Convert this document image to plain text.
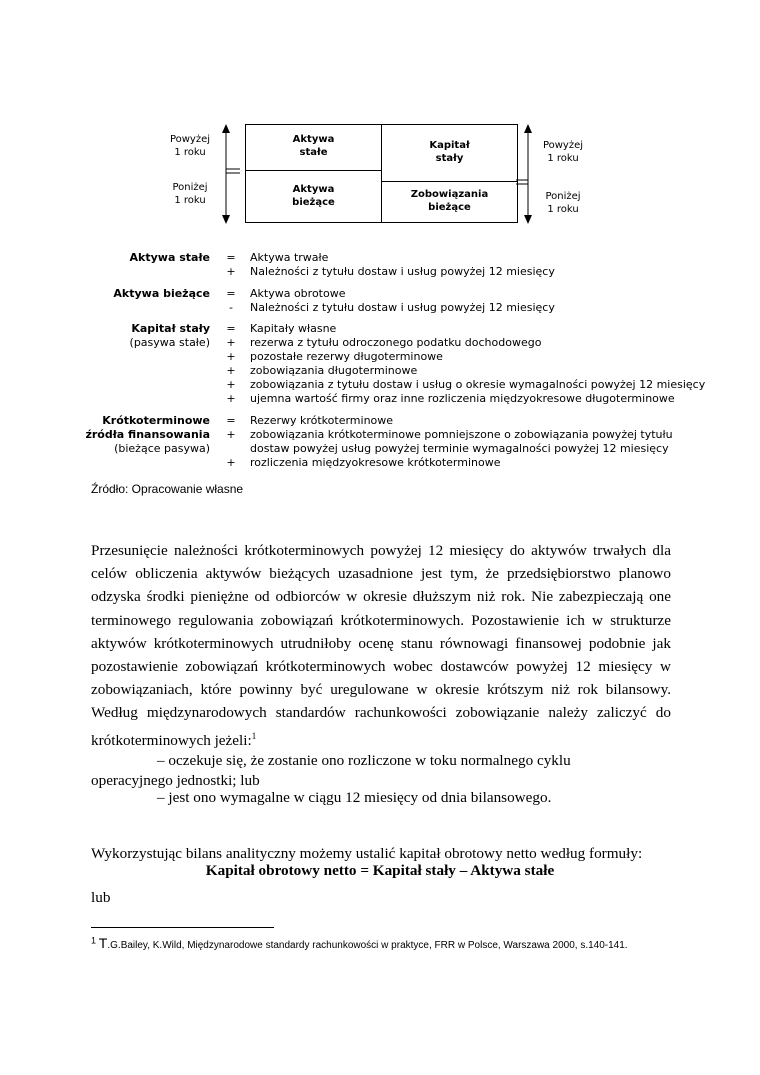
Powyżej
1 roku
Poniżej
1 roku
Powyżej
1 roku
Poniżej
1 roku
Aktywa
stałe
Aktywa
bieżące
Kapitał
stały
Zobowiązania
bieżące
Aktywa stałe = Aktywa trwałe
+ Należności z tytułu dostaw i usług powyżej 12 miesięcy
Aktywa bieżące = Aktywa obrotowe
- Należności z tytułu dostaw i usług powyżej 12 miesięcy
Kapitał stały = Kapitały własne
(pasywa stałe) + rezerwa z tytułu odroczonego podatku dochodowego
+ pozostałe rezerwy długoterminowe
+ zobowiązania długoterminowe
+ zobowiązania z tytułu dostaw i usług o okresie wymagalności powyżej 12 miesięcy
+ ujemna wartość firmy oraz inne rozliczenia międzyokresowe długoterminowe
Krótkoterminowe = Rezerwy krótkoterminowe
źródła finansowania + zobowiązania krótkoterminowe pomniejszone o zobowiązania powyżej tytułu
(bieżące pasywa)	dostaw powyżej usług powyżej terminie wymagalności powyżej 12 miesięcy
+ rozliczenia międzyokresowe krótkoterminowe
Źródło: Opracowanie własne
Przesunięcie należności krótkoterminowych powyżej 12 miesięcy do aktywów trwałych dla
celów obliczenia aktywów bieżących uzasadnione jest tym, że przedsiębiorstwo planowo
odzyska środki pieniężne od odbiorców w okresie dłuższym niż rok. Nie zabezpieczają one
terminowego regulowania zobowiązań krótkoterminowych. Pozostawienie ich w strukturze
aktywów krótkoterminowych utrudniłoby ocenę stanu równowagi finansowej podobnie jak
pozostawienie zobowiązań krótkoterminowych wobec dostawców powyżej 12 miesięcy w
zobowiązaniach, które powinny być uregulowane w okresie krótszym niż rok bilansowy.
Według międzynarodowych standardów rachunkowości zobowiązanie należy zaliczyć do
krótkoterminowych jeżeli:$^1$
– oczekuje się, że zostanie ono rozliczone w toku normalnego cyklu
operacyjnego jednostki; lub
– jest ono wymagalne w ciągu 12 miesięcy od dnia bilansowego.
Wykorzystując bilans analityczny możemy ustalić kapitał obrotowy netto według formuły:
Kapitał obrotowy netto = Kapitał stały – Aktywa stałe
lub
$^1$ T.G.Bailey, K.Wild, Międzynarodowe standardy rachunkowości w praktyce, FRR w Polsce, Warszawa 2000, s.140-141.
